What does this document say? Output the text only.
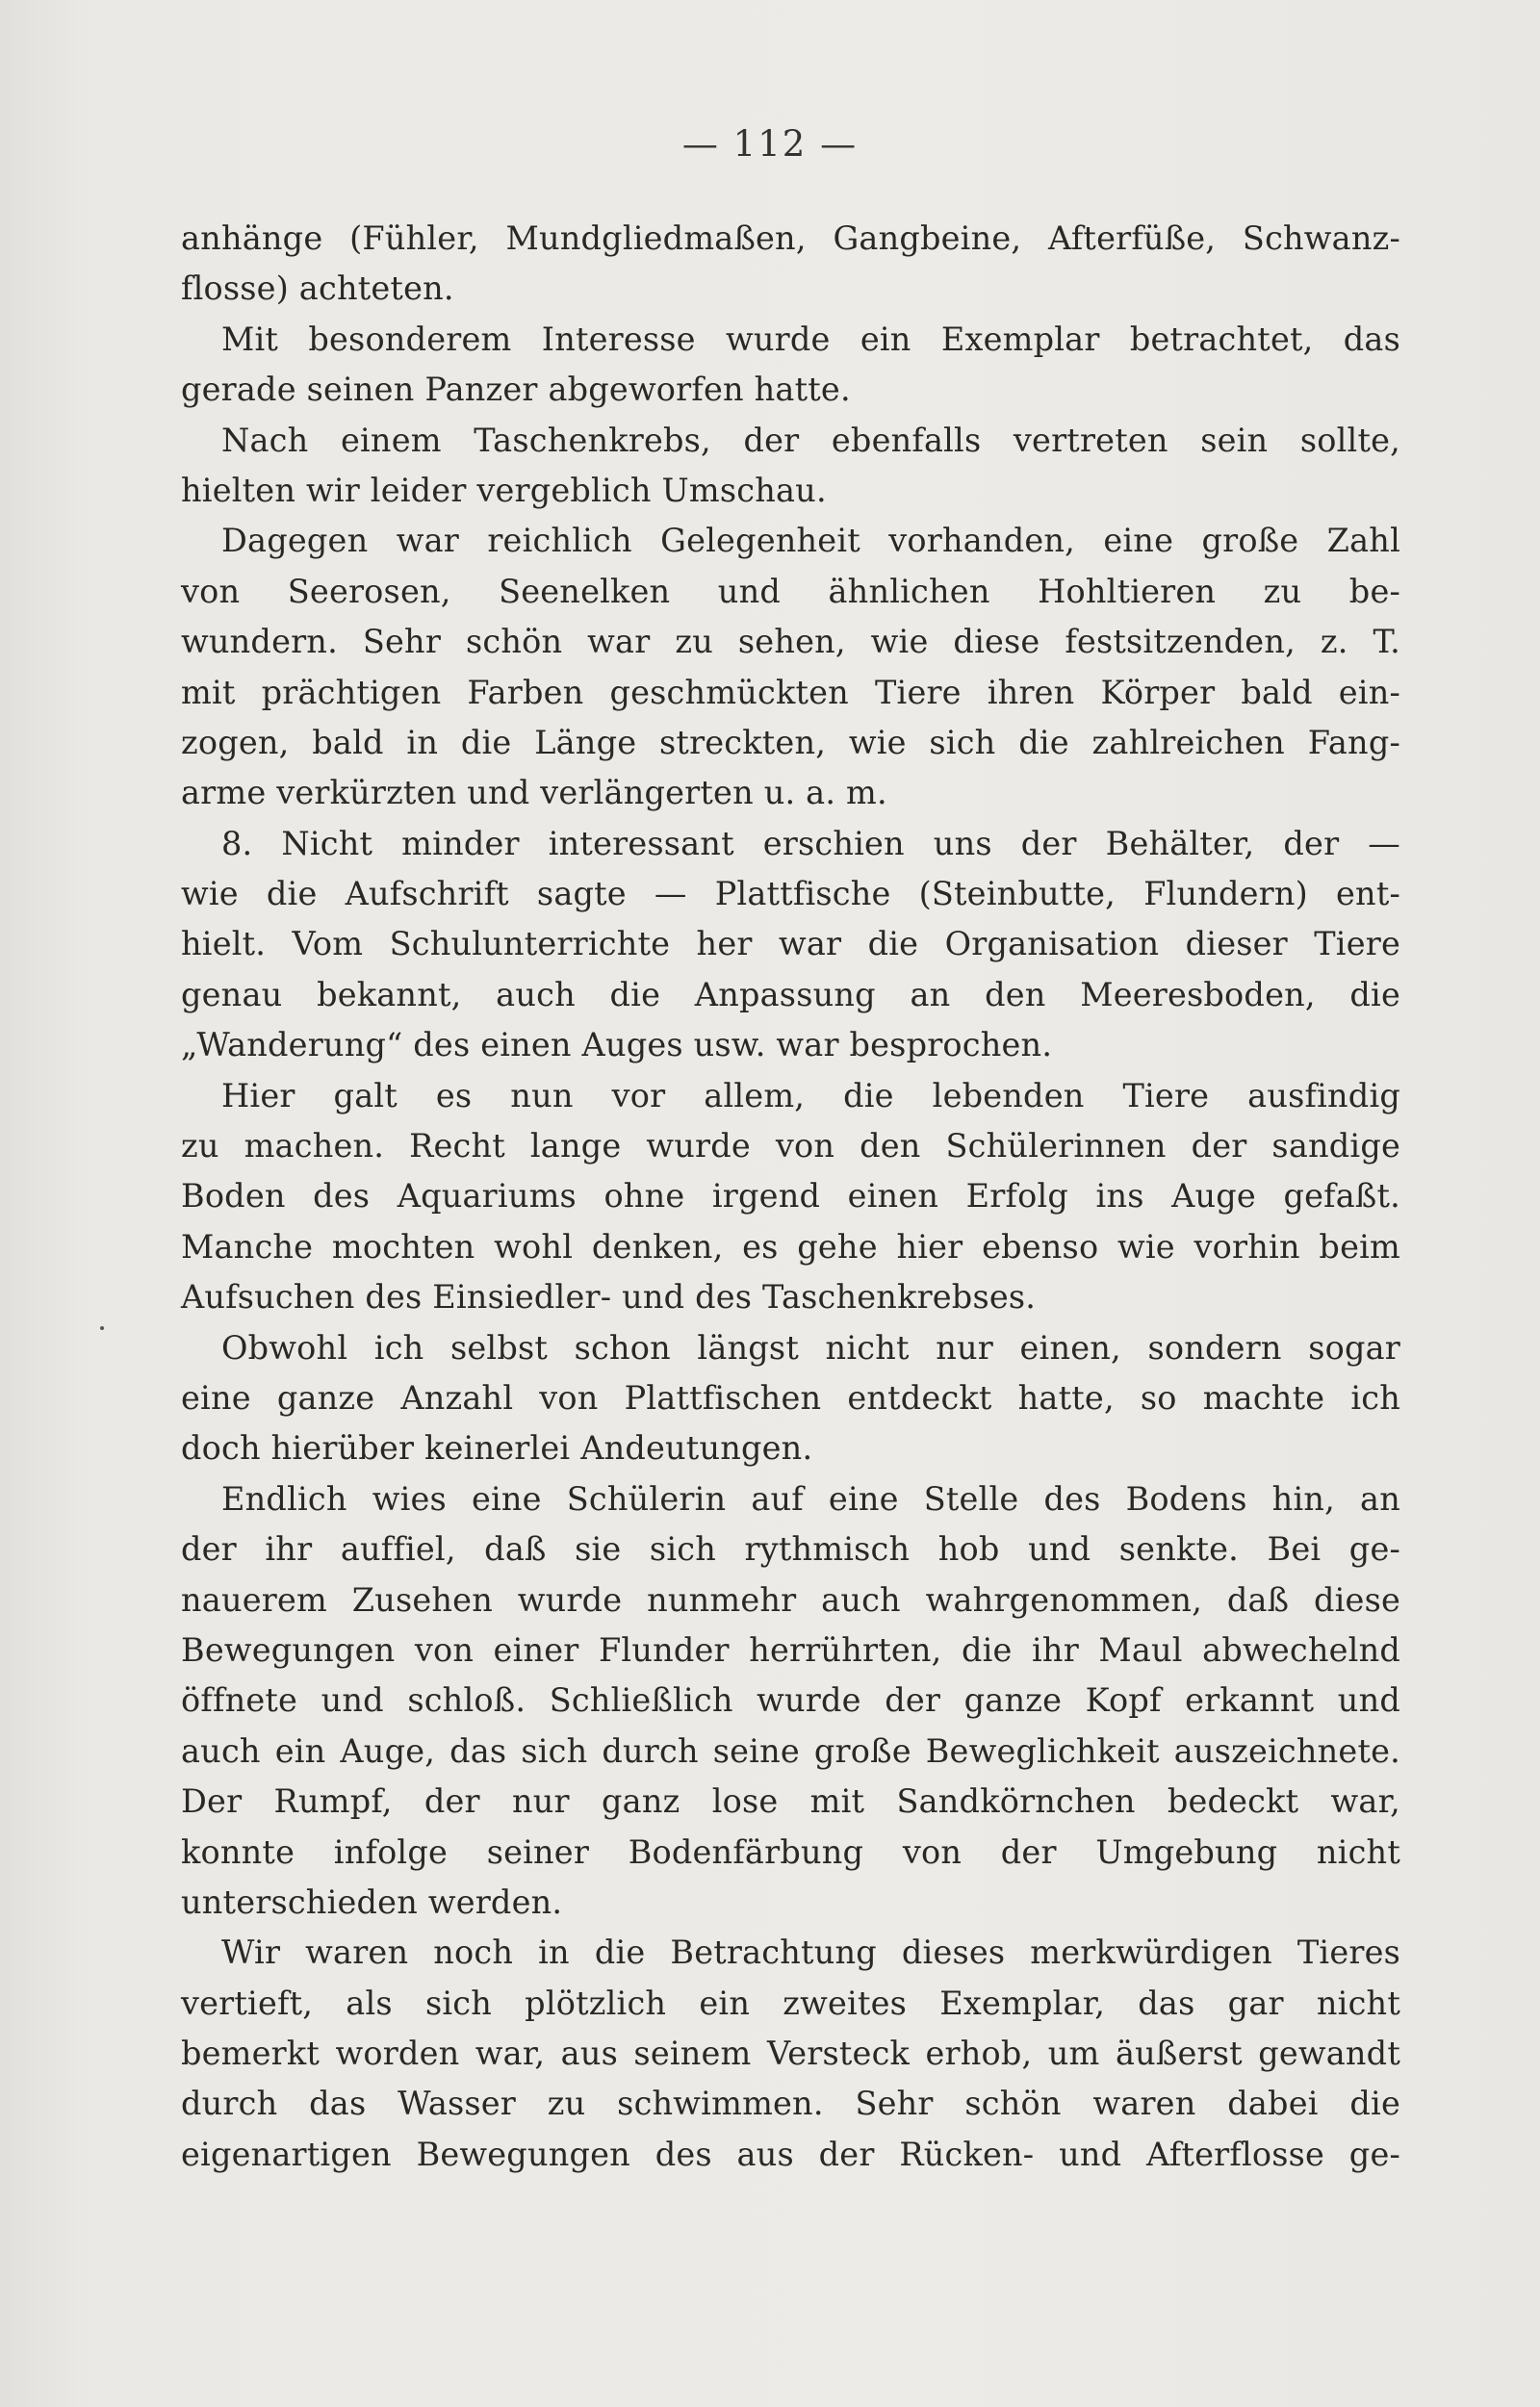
— 112 —
anhänge (Fühler, Mundgliedmaßen, Gangbeine, Afterfüße, Schwanz-
flosse) achteten.
Mit besonderem Interesse wurde ein Exemplar betrachtet, das
gerade seinen Panzer abgeworfen hatte.
Nach einem Taschenkrebs, der ebenfalls vertreten sein sollte,
hielten wir leider vergeblich Umschau.
Dagegen war reichlich Gelegenheit vorhanden, eine große Zahl
von Seerosen, Seenelken und ähnlichen Hohltieren zu be-
wundern. Sehr schön war zu sehen, wie diese festsitzenden, z. T.
mit prächtigen Farben geschmückten Tiere ihren Körper bald ein-
zogen, bald in die Länge streckten, wie sich die zahlreichen Fang-
arme verkürzten und verlängerten u. a. m.
8. Nicht minder interessant erschien uns der Behälter, der —
wie die Aufschrift sagte — Plattfische (Steinbutte, Flundern) ent-
hielt. Vom Schulunterrichte her war die Organisation dieser Tiere
genau bekannt, auch die Anpassung an den Meeresboden, die
„Wanderung“ des einen Auges usw. war besprochen.
Hier galt es nun vor allem, die lebenden Tiere ausfindig
zu machen. Recht lange wurde von den Schülerinnen der sandige
Boden des Aquariums ohne irgend einen Erfolg ins Auge gefaßt.
Manche mochten wohl denken, es gehe hier ebenso wie vorhin beim
Aufsuchen des Einsiedler- und des Taschenkrebses.
Obwohl ich selbst schon längst nicht nur einen, sondern sogar
eine ganze Anzahl von Plattfischen entdeckt hatte, so machte ich
doch hierüber keinerlei Andeutungen.
Endlich wies eine Schülerin auf eine Stelle des Bodens hin, an
der ihr auffiel, daß sie sich rythmisch hob und senkte. Bei ge-
nauerem Zusehen wurde nunmehr auch wahrgenommen, daß diese
Bewegungen von einer Flunder herrührten, die ihr Maul abwechelnd
öffnete und schloß. Schließlich wurde der ganze Kopf erkannt und
auch ein Auge, das sich durch seine große Beweglichkeit auszeichnete.
Der Rumpf, der nur ganz lose mit Sandkörnchen bedeckt war,
konnte infolge seiner Bodenfärbung von der Umgebung nicht
unterschieden werden.
Wir waren noch in die Betrachtung dieses merkwürdigen Tieres
vertieft, als sich plötzlich ein zweites Exemplar, das gar nicht
bemerkt worden war, aus seinem Versteck erhob, um äußerst gewandt
durch das Wasser zu schwimmen. Sehr schön waren dabei die
eigenartigen Bewegungen des aus der Rücken- und Afterflosse ge-
